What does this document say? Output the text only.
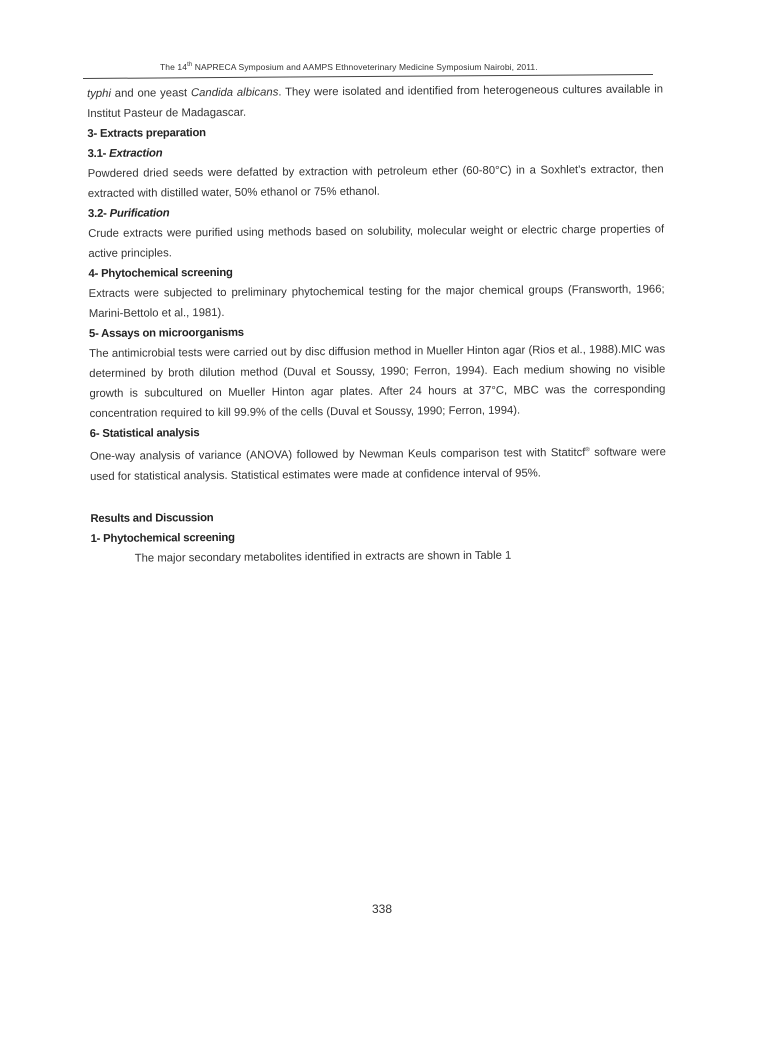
The 14th NAPRECA Symposium and AAMPS Ethnoveterinary Medicine Symposium Nairobi, 2011.

typhi and one yeast Candida albicans. They were isolated and identified from heterogeneous cultures available in Institut Pasteur de Madagascar.

3- Extracts preparation

3.1- Extraction

Powdered dried seeds were defatted by extraction with petroleum ether (60-80°C) in a Soxhlet's extractor, then extracted with distilled water, 50% ethanol or 75% ethanol.

3.2- Purification

Crude extracts were purified using methods based on solubility, molecular weight or electric charge properties of active principles.

4- Phytochemical screening

Extracts were subjected to preliminary phytochemical testing for the major chemical groups (Fransworth, 1966; Marini-Bettolo et al., 1981).

5- Assays on microorganisms

The antimicrobial tests were carried out by disc diffusion method in Mueller Hinton agar (Rios et al., 1988).MIC was determined by broth dilution method (Duval et Soussy, 1990; Ferron, 1994). Each medium showing no visible growth is subcultured on Mueller Hinton agar plates. After 24 hours at 37°C, MBC was the corresponding concentration required to kill 99.9% of the cells (Duval et Soussy, 1990; Ferron, 1994).

6- Statistical analysis

One-way analysis of variance (ANOVA) followed by Newman Keuls comparison test with Statitcf® software were used for statistical analysis. Statistical estimates were made at confidence interval of 95%.

Results and Discussion

1- Phytochemical screening

The major secondary metabolites identified in extracts are shown in Table 1

338
